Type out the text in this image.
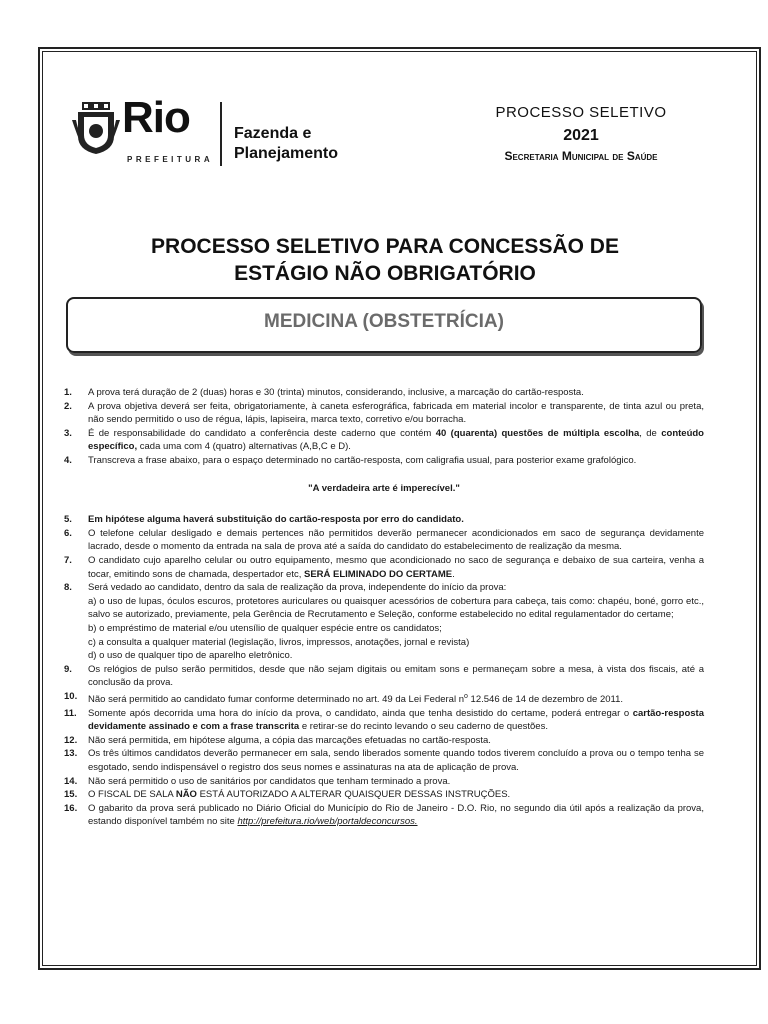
Rio
PREFEITURA
Fazenda e
Planejamento
PROCESSO SELETIVO
2021
Secretaria Municipal de Saúde
PROCESSO SELETIVO PARA CONCESSÃO DE
ESTÁGIO NÃO OBRIGATÓRIO
MEDICINA (OBSTETRÍCIA)
1.	A prova terá duração de 2 (duas) horas e 30 (trinta) minutos, considerando, inclusive, a marcação do cartão-resposta.
2.	A prova objetiva deverá ser feita, obrigatoriamente, à caneta esferográfica, fabricada em material incolor e transparente, de tinta azul ou preta, não sendo permitido o uso de régua, lápis, lapiseira, marca texto, corretivo e/ou borracha.
3.	É de responsabilidade do candidato a conferência deste caderno que contém 40 (quarenta) questões de múltipla escolha, de conteúdo específico, cada uma com 4 (quatro) alternativas (A,B,C e D).
4.	Transcreva a frase abaixo, para o espaço determinado no cartão-resposta, com caligrafia usual, para posterior exame grafológico.
"A verdadeira arte é imperecível."
5.	Em hipótese alguma haverá substituição do cartão-resposta por erro do candidato.
6.	O telefone celular desligado e demais pertences não permitidos deverão permanecer acondicionados em saco de segurança devidamente lacrado, desde o momento da entrada na sala de prova até a saída do candidato do estabelecimento de realização da mesma.
7.	O candidato cujo aparelho celular ou outro equipamento, mesmo que acondicionado no saco de segurança e debaixo de sua carteira, venha a tocar, emitindo sons de chamada, despertador etc, SERÁ ELIMINADO DO CERTAME.
8.	Será vedado ao candidato, dentro da sala de realização da prova, independente do início da prova:
a) o uso de lupas, óculos escuros, protetores auriculares ou quaisquer acessórios de cobertura para cabeça, tais como: chapéu, boné, gorro etc., salvo se autorizado, previamente, pela Gerência de Recrutamento e Seleção, conforme estabelecido no edital regulamentador do certame;
b) o empréstimo de material e/ou utensílio de qualquer espécie entre os candidatos;
c) a consulta a qualquer material (legislação, livros, impressos, anotações, jornal e revista)
d) o uso de qualquer tipo de aparelho eletrônico.
9.	Os relógios de pulso serão permitidos, desde que não sejam digitais ou emitam sons e permaneçam sobre a mesa, à vista dos fiscais, até a conclusão da prova.
10.	Não será permitido ao candidato fumar conforme determinado no art. 49 da Lei Federal $n^o$ 12.546 de 14 de dezembro de 2011.
11.	Somente após decorrida uma hora do início da prova, o candidato, ainda que tenha desistido do certame, poderá entregar o cartão-resposta devidamente assinado e com a frase transcrita e retirar-se do recinto levando o seu caderno de questões.
12.	Não será permitida, em hipótese alguma, a cópia das marcações efetuadas no cartão-resposta.
13.	Os três últimos candidatos deverão permanecer em sala, sendo liberados somente quando todos tiverem concluído a prova ou o tempo tenha se esgotado, sendo indispensável o registro dos seus nomes e assinaturas na ata de aplicação de prova.
14.	Não será permitido o uso de sanitários por candidatos que tenham terminado a prova.
15.	O FISCAL DE SALA NÃO ESTÁ AUTORIZADO A ALTERAR QUAISQUER DESSAS INSTRUÇÕES.
16.	O gabarito da prova será publicado no Diário Oficial do Município do Rio de Janeiro - D.O. Rio, no segundo dia útil após a realização da prova, estando disponível também no site http://prefeitura.rio/web/portaldeconcursos.
